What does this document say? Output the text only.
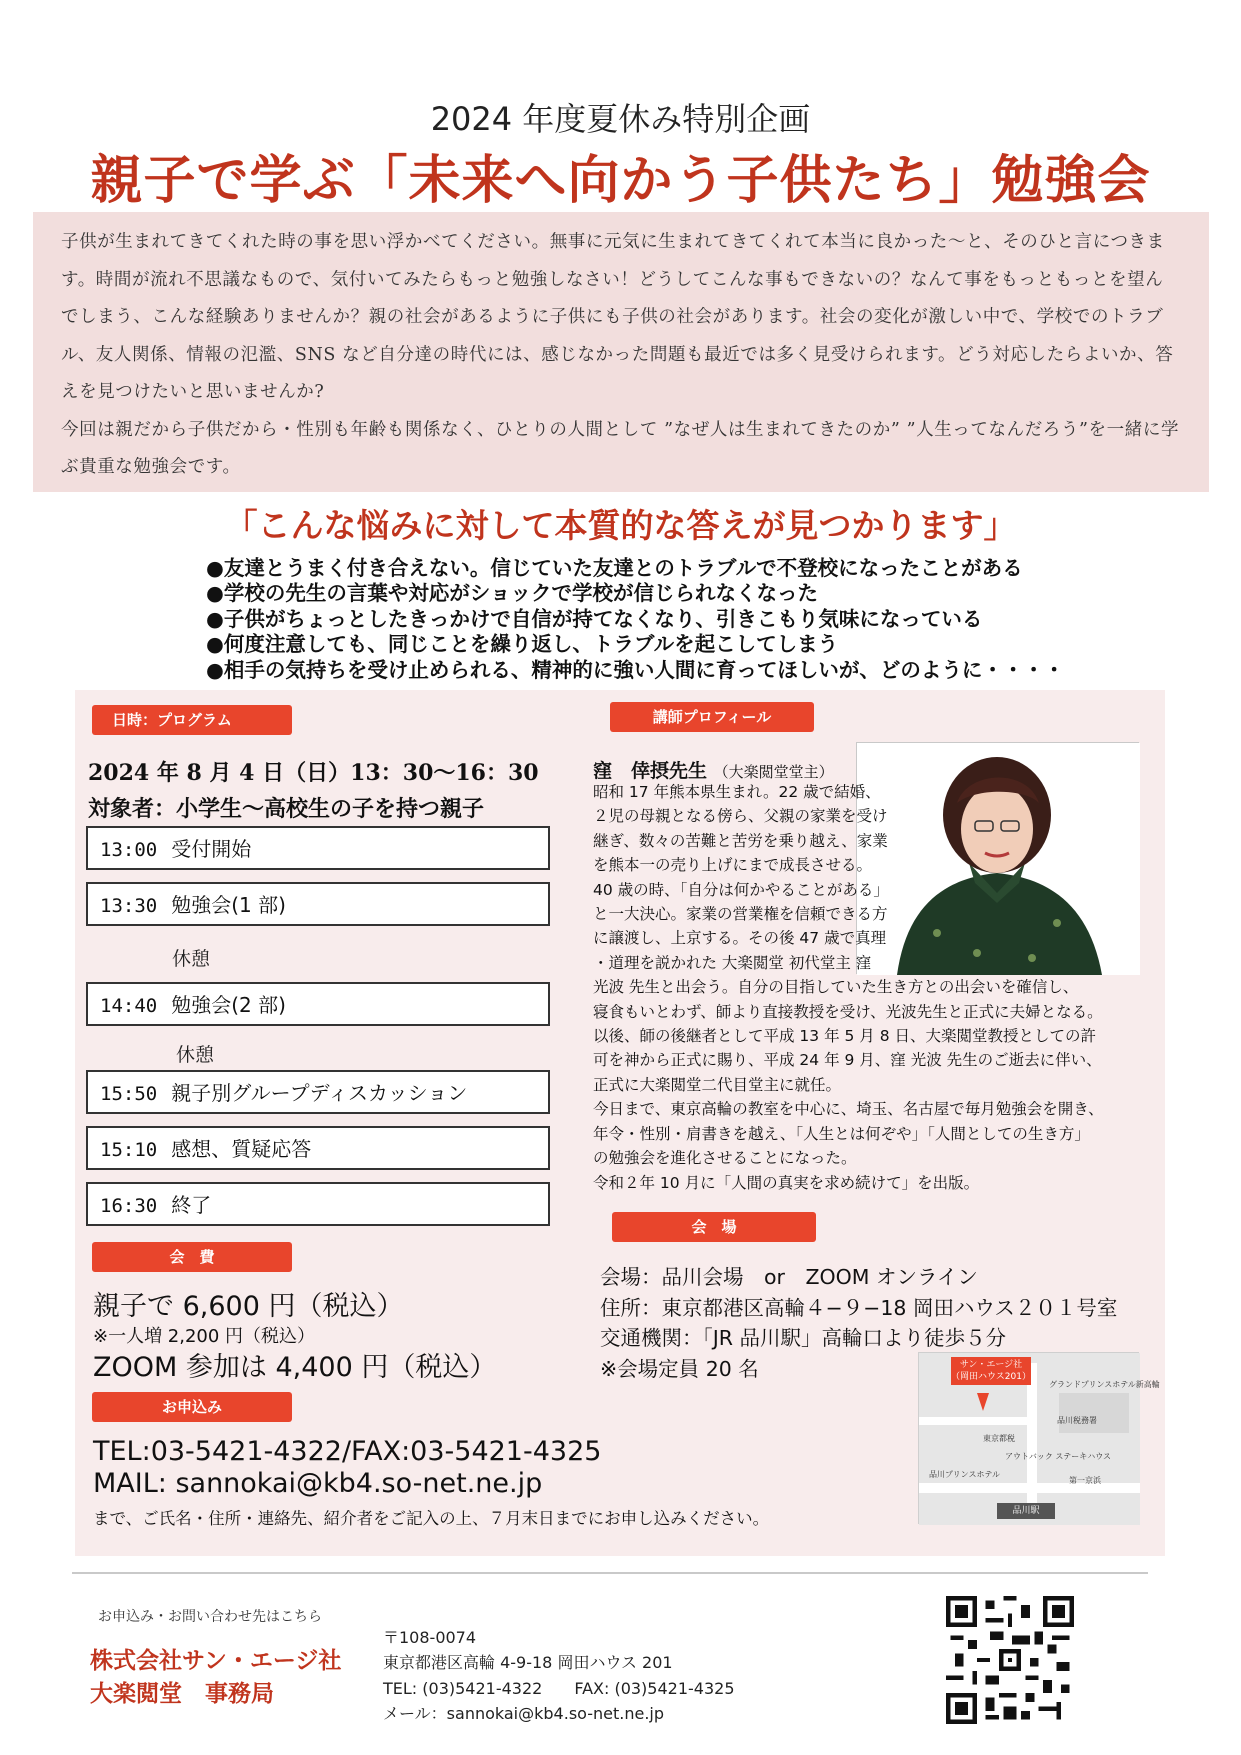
2024 年度夏休み特別企画
親子で学ぶ「未来へ向かう子供たち」勉強会

子供が生まれてきてくれた時の事を思い浮かべてください。無事に元気に生まれてきてくれて本当に良かった〜と、そのひと言につきます。時間が流れ不思議なもので、気付いてみたらもっと勉強しなさい！どうしてこんな事もできないの？なんて事をもっともっとを望んでしまう、こんな経験ありませんか？親の社会があるように子供にも子供の社会があります。社会の変化が激しい中で、学校でのトラブル、友人関係、情報の氾濫、SNS など自分達の時代には、感じなかった問題も最近では多く見受けられます。どう対応したらよいか、答えを見つけたいと思いませんか?

今回は親だから子供だから・性別も年齢も関係なく、ひとりの人間として ”なぜ人は生まれてきたのか” ”人生ってなんだろう”を一緒に学ぶ貴重な勉強会です。

「こんな悩みに対して本質的な答えが見つかります」
●友達とうまく付き合えない。信じていた友達とのトラブルで不登校になったことがある
●学校の先生の言葉や対応がショックで学校が信じられなくなった
●子供がちょっとしたきっかけで自信が持てなくなり、引きこもり気味になっている
●何度注意しても、同じことを繰り返し、トラブルを起こしてしまう
●相手の気持ちを受け止められる、精神的に強い人間に育ってほしいが、どのように・・・・
日時：プログラム
2024 年 8 月 4 日（日）13：30〜16：30
対象者：小学生〜高校生の子を持つ親子
13:00 受付開始
13:30 勉強会(1 部)
休憩
14:40 勉強会(2 部)
休憩
15:50 親子別グループディスカッション
15:10 感想、質疑応答
16:30 終了
会　費
親子で 6,600 円（税込）
※一人増 2,200 円（税込）
ZOOM 参加は 4,400 円（税込）
お申込み
TEL:03-5421-4322/FAX:03-5421-4325
MAIL: sannokai@kb4.so-net.ne.jp
まで、ご氏名・住所・連絡先、紹介者をご記入の上、７月末日までにお申し込みください。
講師プロフィール
窪　倖摂先生 （大楽閲堂堂主）
昭和 17 年熊本県生まれ。22 歳で結婚、
２児の母親となる傍ら、父親の家業を受け
継ぎ、数々の苦難と苦労を乗り越え、家業
を熊本一の売り上げにまで成長させる。
40 歳の時、「自分は何かやることがある」
と一大決心。家業の営業権を信頼できる方
に譲渡し、上京する。その後 47 歳で真理
・道理を説かれた 大楽閲堂 初代堂主 窪
光波 先生と出会う。自分の目指していた生き方との出会いを確信し、
寝食もいとわず、師より直接教授を受け、光波先生と正式に夫婦となる。
以後、師の後継者として平成 13 年 5 月 8 日、大楽閲堂教授としての許
可を神から正式に賜り、平成 24 年 9 月、窪 光波 先生のご逝去に伴い、
正式に大楽閲堂二代目堂主に就任。
今日まで、東京高輪の教室を中心に、埼玉、名古屋で毎月勉強会を開き、
年令・性別・肩書きを越え、「人生とは何ぞや」「人間としての生き方」
の勉強会を進化させることになった。
令和２年 10 月に「人間の真実を求め続けて」を出版。
会　場
会場：品川会場　or　ZOOM オンライン
住所：東京都港区高輪４−９−18 岡田ハウス２０１号室
交通機関：「JR 品川駅」高輪口より徒歩５分
※会場定員 20 名	サン・エージ社（岡田ハウス201）
グランドプリンスホテル新高輪
品川税務署
東京都税
アウトバック ステーキハウス
品川プリンスホテル
第一京浜
品川駅
お申込み・お問い合わせ先はこちら
株式会社サン・エージ社
大楽閲堂　事務局
〒108-0074
東京都港区高輪 4-9-18 岡田ハウス 201
TEL: (03)5421-4322　　FAX: (03)5421-4325
メール：sannokai@kb4.so-net.ne.jp
